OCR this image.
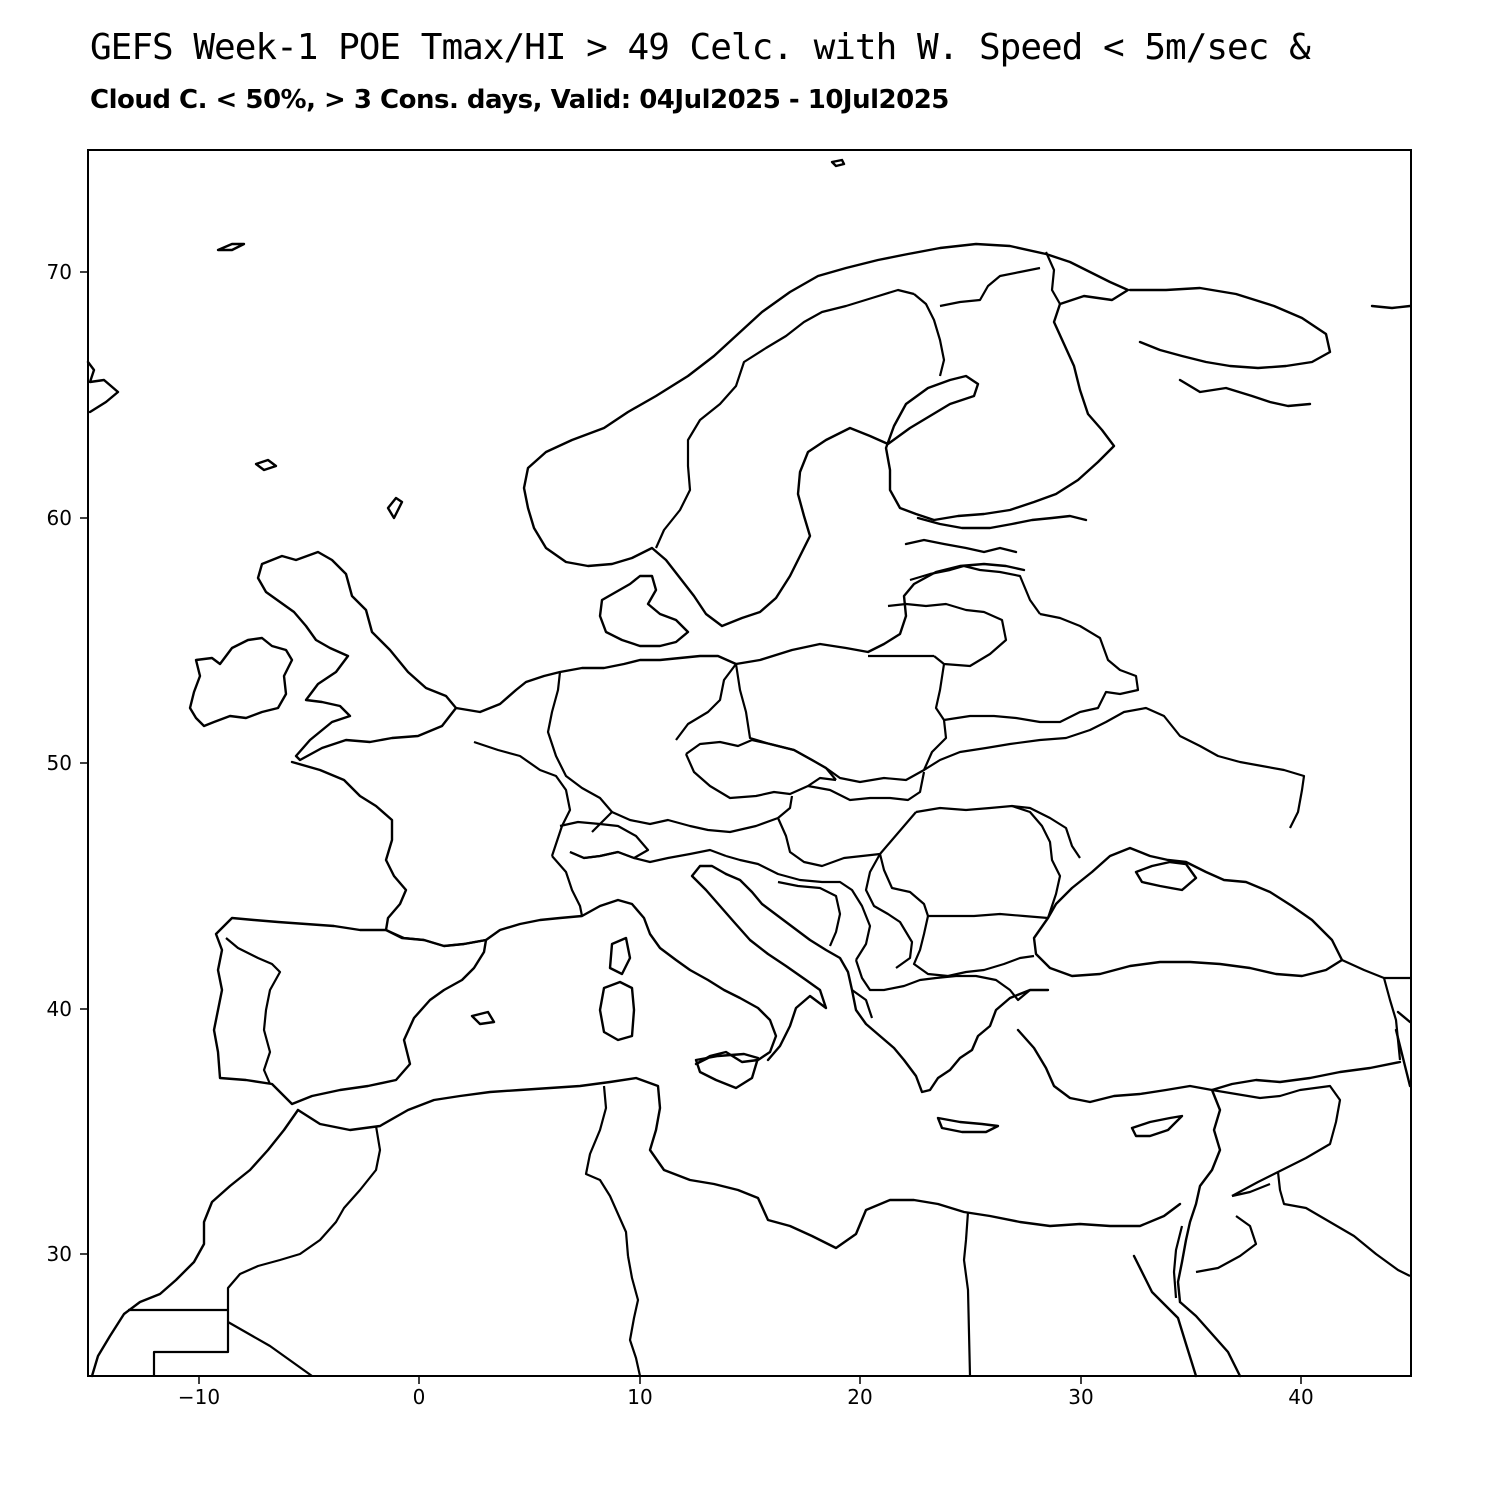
GEFS Week-1 POE Tmax/HI > 49 Celc. with W. Speed < 5m/sec &
Cloud C. < 50%, > 3 Cons. days, Valid: 04Jul2025 - 10Jul2025
−10	0	10	20	30	40
30
40
50
60
70
